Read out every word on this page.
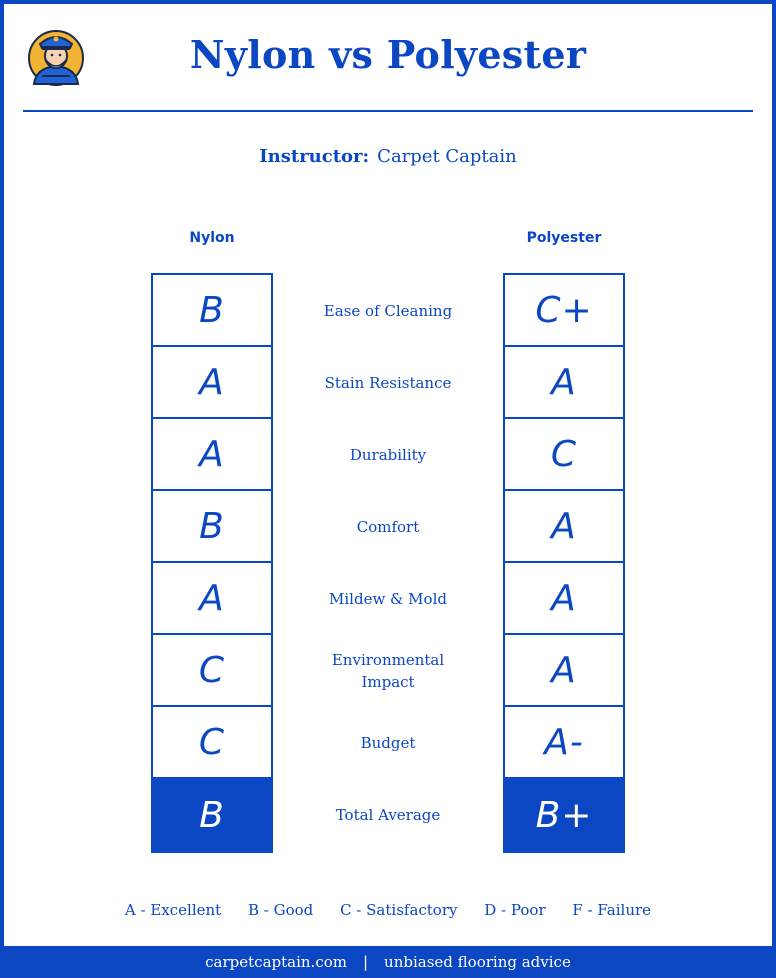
Nylon vs Polyester
Instructor: Carpet Captain
Nylon	Polyester
B
A
A
B
A
C
C
B
Ease of Cleaning
Stain Resistance
Durability
Comfort
Mildew & Mold
Environmental Impact
Budget
Total Average
C+
A
C
A
A
A
A-
B+
A - Excellent B - Good C - Satisfactory D - Poor F - Failure
carpetcaptain.com | unbiased flooring advice
